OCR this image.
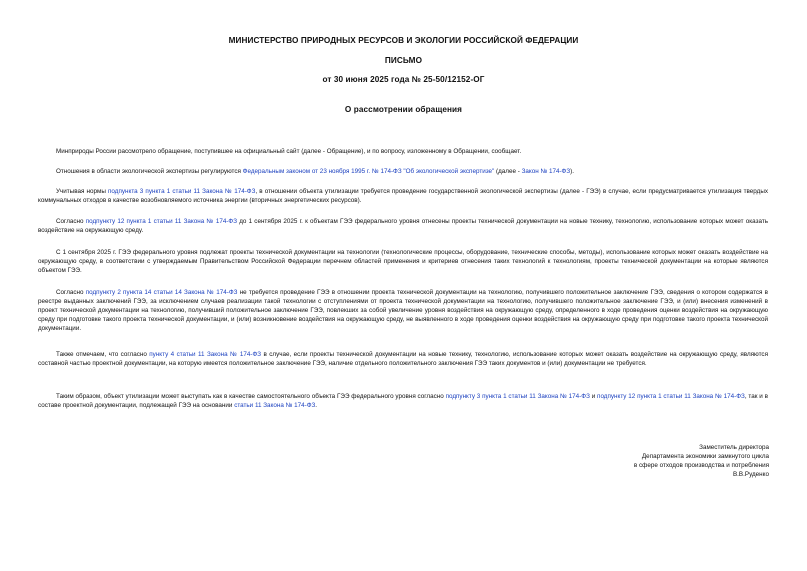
МИНИСТЕРСТВО ПРИРОДНЫХ РЕСУРСОВ И ЭКОЛОГИИ РОССИЙСКОЙ ФЕДЕРАЦИИ
ПИСЬМО
от 30 июня 2025 года № 25-50/12152-ОГ
О рассмотрении обращения

Минприроды России рассмотрело обращение, поступившее на официальный сайт (далее - Обращение), и по вопросу, изложенному в Обращении, сообщает.

Отношения в области экологической экспертизы регулируются Федеральным законом от 23 ноября 1995 г. № 174-ФЗ "Об экологической экспертизе" (далее - Закон № 174-ФЗ).

Учитывая нормы подпункта 3 пункта 1 статьи 11 Закона № 174-ФЗ, в отношении объекта утилизации требуется проведение государственной экологической экспертизы (далее - ГЭЭ) в случае, если предусматривается утилизация твердых коммунальных отходов в качестве возобновляемого источника энергии (вторичных энергетических ресурсов).

Согласно подпункту 12 пункта 1 статьи 11 Закона № 174-ФЗ до 1 сентября 2025 г. к объектам ГЭЭ федерального уровня отнесены проекты технической документации на новые технику, технологию, использование которых может оказать воздействие на окружающую среду.

С 1 сентября 2025 г. ГЭЭ федерального уровня подлежат проекты технической документации на технологии (технологические процессы, оборудование, технические способы, методы), использование которых может оказать воздействие на окружающую среду, в соответствии с утверждаемым Правительством Российской Федерации перечнем областей применения и критериев отнесения таких технологий к технологиям, проекты технической документации на которые являются объектом ГЭЭ.

Согласно подпункту 2 пункта 14 статьи 14 Закона № 174-ФЗ не требуется проведение ГЭЭ в отношении проекта технической документации на технологию, получившего положительное заключение ГЭЭ, сведения о котором содержатся в реестре выданных заключений ГЭЭ, за исключением случаев реализации такой технологии с отступлениями от проекта технической документации на технологию, получившего положительное заключение ГЭЭ, и (или) внесения изменений в проект технической документации на технологию, получивший положительное заключение ГЭЭ, повлекших за собой увеличение уровня воздействия на окружающую среду, определенного в ходе проведения оценки воздействия на окружающую среду при подготовке такого проекта технической документации, и (или) возникновение воздействия на окружающую среду, не выявленного в ходе проведения оценки воздействия на окружающую среду при подготовке такого проекта технической документации.

Также отмечаем, что согласно пункту 4 статьи 11 Закона № 174-ФЗ в случае, если проекты технической документации на новые технику, технологию, использование которых может оказать воздействие на окружающую среду, являются составной частью проектной документации, на которую имеется положительное заключение ГЭЭ, наличие отдельного положительного заключения ГЭЭ таких документов и (или) документации не требуется.

Таким образом, объект утилизации может выступать как в качестве самостоятельного объекта ГЭЭ федерального уровня согласно подпункту 3 пункта 1 статьи 11 Закона № 174-ФЗ и подпункту 12 пункта 1 статьи 11 Закона № 174-ФЗ, так и в составе проектной документации, подлежащей ГЭЭ на основании статьи 11 Закона № 174-ФЗ.

Заместитель директора
Департамента экономики замкнутого цикла
в сфере отходов производства и потребления
В.В.Руденко
